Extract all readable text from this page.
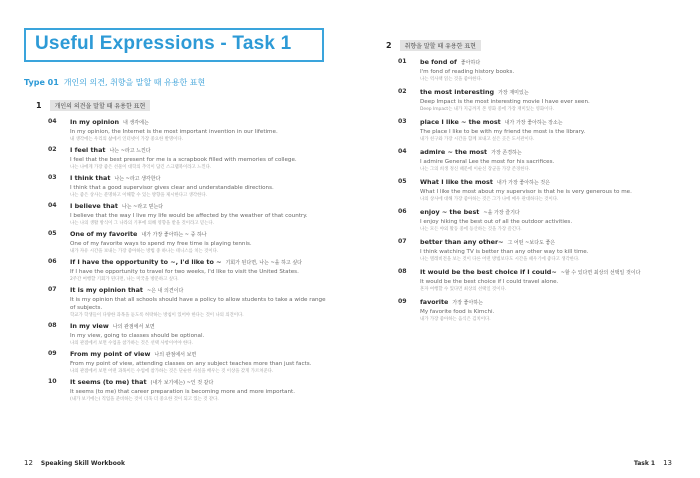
Useful Expressions - Task 1
Type 01 개인의 의견, 취향을 말할 때 유용한 표현
1	개인의 의견을 말할 때 유용한 표현
04 In my opinion 내 생각에는
In my opinion, the Internet is the most important invention in our lifetime.
내 생각에는 우리의 삶에서 인터넷이 가장 중요한 발명이다.
02 I feel that 나는 ~라고 느낀다
I feel that the best present for me is a scrapbook filled with memories of college.
나는 나에게 가장 좋은 선물이 대학의 추억이 담긴 스크랩북이라고 느낀다.
03 I think that 나는 ~라고 생각한다
I think that a good supervisor gives clear and understandable directions.
나는 좋은 상사는 분명하고 이해할 수 있는 방향을 제시한다고 생각한다.
04 I believe that 나는 ~라고 믿는다
I believe that the way I live my life would be affected by the weather of that country.
나는 나의 생활 방식이 그 나라의 기후에 의해 영향을 받을 것이라고 믿는다.
05 One of my favorite 내가 가장 좋아하는 ~ 중 하나
One of my favorite ways to spend my free time is playing tennis.
내가 자유 시간을 보내는 가장 좋아하는 방법 중 하나는 테니스를 치는 것이다.
06 If I have the opportunity to ~, I'd like to ~ 기회가 된다면, 나는 ~을 하고 싶다
If I have the opportunity to travel for two weeks, I'd like to visit the United States.
2주간 여행할 기회가 된다면, 나는 미국을 방문하고 싶다.
07 It is my opinion that ~은 내 의견이다
It is my opinion that all schools should have a policy to allow students to take a wide range
of subjects.
학교가 학생들이 다양한 과목을 듣도록 허락하는 방침이 있어야 한다는 것이 나의 의견이다.
08 In my view 나의 관점에서 보면
In my view, going to classes should be optional.
나의 관점에서 보면 수업을 참가하는 것은 선택 사항이어야 한다.
09 From my point of view 나의 관점에서 보면
From my point of view, attending classes on any subject teaches more than just facts.
나의 관점에서 보면 어떤 과목이든 수업에 참가하는 것은 단순한 사실을 배우는 것 이상을 갖게 가르쳐준다.
10 It seems (to me) that (내가 보기에는) ~인 것 같다
It seems (to me) that career preparation is becoming more and more important.
(내가 보기에는) 직업을 준비하는 것이 더욱 더 중요한 것이 되고 있는 것 같다.
12 Speaking Skill Workbook
2	취향을 말할 때 유용한 표현
01 be fond of 좋아하다
I'm fond of reading history books.
나는 역사책 읽는 것을 좋아한다.
02 the most interesting 가장 재미있는
Deep Impact is the most interesting movie I have ever seen.
Deep Impact는 내가 지금까지 본 영화 중에 가장 재미있는 영화이다.
03 place I like ~ the most 내가 가장 좋아하는 장소는
The place I like to be with my friend the most is the library.
내가 친구와 가장 시간을 함께 보내고 싶은 곳은 도서관이다.
04 admire ~ the most 가장 존경하는
I admire General Lee the most for his sacrifices.
나는 그의 희생 정신 때문에 이순신 장군을 가장 존경한다.
05 What I like the most 내가 가장 좋아하는 것은
What I like the most about my supervisor is that he is very generous to me.
나의 상사에 대해 가장 좋아하는 것은 그가 나에 매우 관대하다는 것이다.
06 enjoy ~ the best ~을 가장 즐기다
I enjoy hiking the best out of all the outdoor activities.
나는 모든 야외 활동 중에 등산하는 것을 가장 즐긴다.
07 better than any other~ 그 어떤 ~보다도 좋은
I think watching TV is better than any other way to kill time.
나는 텔레비전을 보는 것이 다른 어떤 방법보다도 시간을 때우기에 좋다고 생각한다.
08 It would be the best choice if I could~ ~할 수 있다면 최상의 선택일 것이다
It would be the best choice if I could travel alone.
혼자 여행할 수 있다면 최상의 선택일 것이다.
09 favorite 가장 좋아하는
My favorite food is Kimchi.
내가 가장 좋아하는 음식은 김치이다.
Task 1 13
